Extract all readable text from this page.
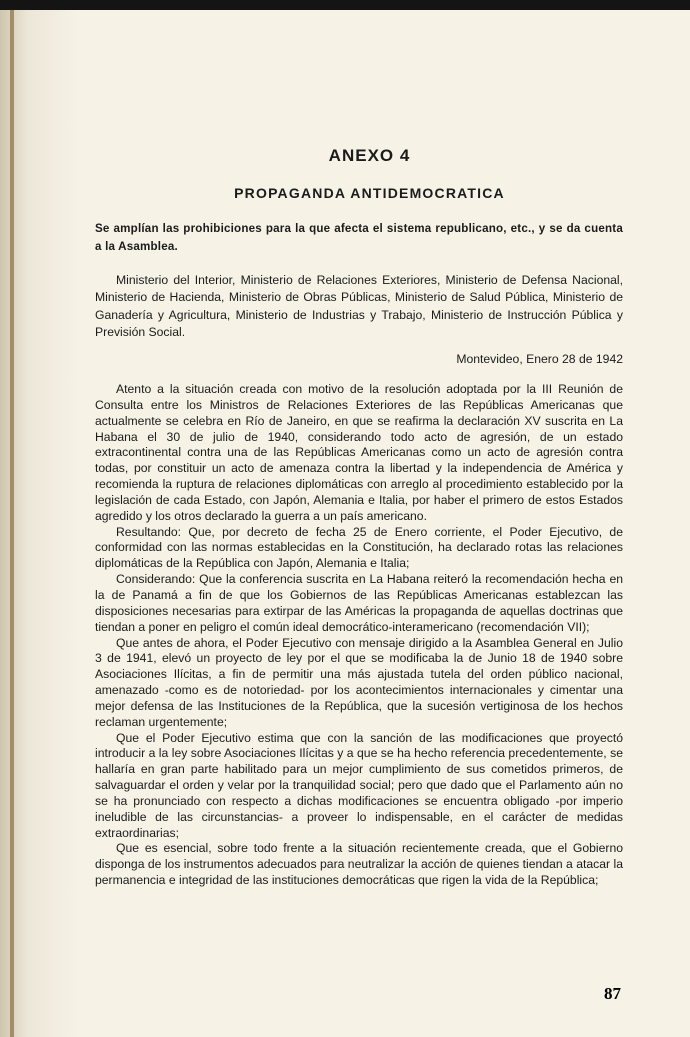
ANEXO 4
PROPAGANDA ANTIDEMOCRATICA

Se amplían las prohibiciones para la que afecta el sistema republicano, etc., y se da cuenta a la Asamblea.

Ministerio del Interior, Ministerio de Relaciones Exteriores, Ministerio de Defensa Nacional, Ministerio de Hacienda, Ministerio de Obras Públicas, Ministerio de Salud Pública, Ministerio de Ganadería y Agricultura, Ministerio de Industrias y Trabajo, Ministerio de Instrucción Pública y Previsión Social.

Montevideo, Enero 28 de 1942

Atento a la situación creada con motivo de la resolución adoptada por la III Reunión de Consulta entre los Ministros de Relaciones Exteriores de las Repúblicas Americanas que actualmente se celebra en Río de Janeiro, en que se reafirma la declaración XV suscrita en La Habana el 30 de julio de 1940, considerando todo acto de agresión, de un estado extracontinental contra una de las Repúblicas Americanas como un acto de agresión contra todas, por constituir un acto de amenaza contra la libertad y la independencia de América y recomienda la ruptura de relaciones diplomáticas con arreglo al procedimiento establecido por la legislación de cada Estado, con Japón, Alemania e Italia, por haber el primero de estos Estados agredido y los otros declarado la guerra a un país americano.

Resultando: Que, por decreto de fecha 25 de Enero corriente, el Poder Ejecutivo, de conformidad con las normas establecidas en la Constitución, ha declarado rotas las relaciones diplomáticas de la República con Japón, Alemania e Italia;

Considerando: Que la conferencia suscrita en La Habana reiteró la recomendación hecha en la de Panamá a fin de que los Gobiernos de las Repúblicas Americanas establezcan las disposiciones necesarias para extirpar de las Américas la propaganda de aquellas doctrinas que tiendan a poner en peligro el común ideal democrático-interamericano (recomendación VII);

Que antes de ahora, el Poder Ejecutivo con mensaje dirigido a la Asamblea General en Julio 3 de 1941, elevó un proyecto de ley por el que se modificaba la de Junio 18 de 1940 sobre Asociaciones Ilícitas, a fin de permitir una más ajustada tutela del orden público nacional, amenazado -como es de notoriedad- por los acontecimientos internacionales y cimentar una mejor defensa de las Instituciones de la República, que la sucesión vertiginosa de los hechos reclaman urgentemente;

Que el Poder Ejecutivo estima que con la sanción de las modificaciones que proyectó introducir a la ley sobre Asociaciones Ilícitas y a que se ha hecho referencia precedentemente, se hallaría en gran parte habilitado para un mejor cumplimiento de sus cometidos primeros, de salvaguardar el orden y velar por la tranquilidad social; pero que dado que el Parlamento aún no se ha pronunciado con respecto a dichas modificaciones se encuentra obligado -por imperio ineludible de las circunstancias- a proveer lo indispensable, en el carácter de medidas extraordinarias;

Que es esencial, sobre todo frente a la situación recientemente creada, que el Gobierno disponga de los instrumentos adecuados para neutralizar la acción de quienes tiendan a atacar la permanencia e integridad de las instituciones democráticas que rigen la vida de la República;

87
